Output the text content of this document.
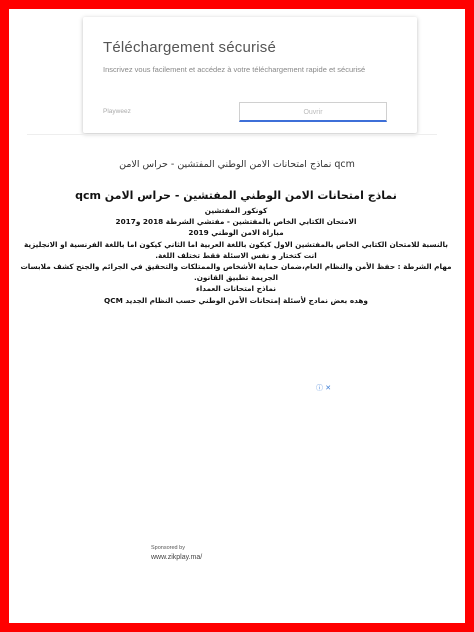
Téléchargement sécurisé

Inscrivez vous facilement et accédez à votre téléchargement rapide et sécurisé

Playweez	Ouvrir

نماذج امتحانات الامن الوطني المفتشين - حراس الامن qcm

نماذج امتحانات الامن الوطني المفتشين - حراس الامن qcm

كونكور المفتشين

الامتحان الكتابي الخاص بالمفتشين - مفتشي الشرطة 2018 و2017

مباراة الامن الوطني 2019

بالنسبة للامتحان الكتابي الخاص بالمفتشين الاول كيكون باللغة العربية اما الثاني كيكون اما باللغة الفرنسية او الانجليزية

انت كتختار و نفس الاسئلة فقط تختلف اللغة.

مهام الشرطة : حفظ الأمن والنظام العام،ضمان حماية الأشخاص والممتلكات والتحقيق في الجرائم والجنح كشف ملابسات الجريمة تطبيق القانون.

نماذج امتحانات العمداء

وهده بعض نمادج لأسئلة إمتحانات الأمن الوطني حسب النظام الجديد QCM

ⓘ ✕
Sponsored by
www.zikplay.ma/
